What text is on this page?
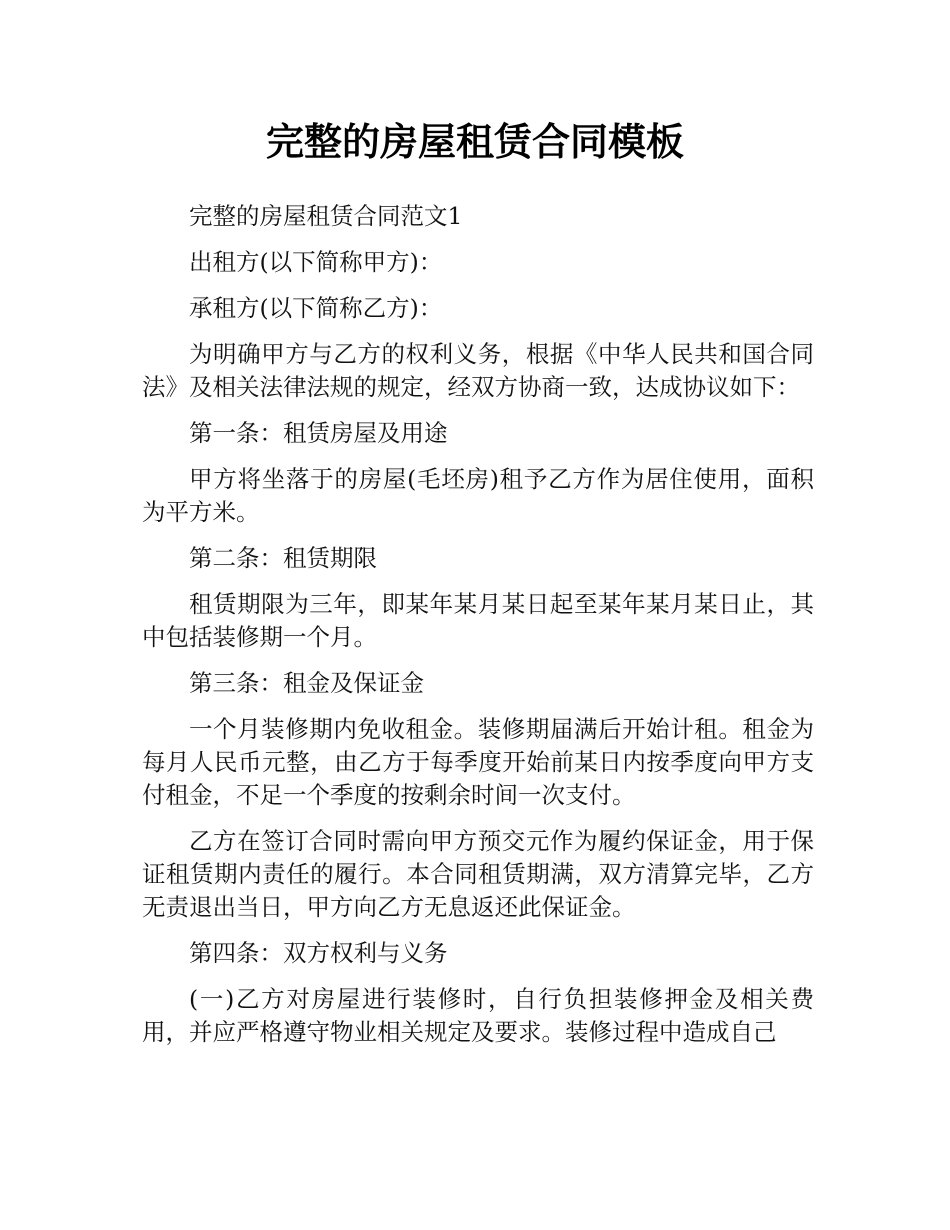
完整的房屋租赁合同模板

完整的房屋租赁合同范文1

出租方(以下简称甲方)：

承租方(以下简称乙方)：

为明确甲方与乙方的权利义务，根据《中华人民共和国合同法》及相关法律法规的规定，经双方协商一致，达成协议如下：

第一条：租赁房屋及用途

甲方将坐落于的房屋(毛坯房)租予乙方作为居住使用，面积为平方米。

第二条：租赁期限

租赁期限为三年，即某年某月某日起至某年某月某日止，其中包括装修期一个月。

第三条：租金及保证金

一个月装修期内免收租金。装修期届满后开始计租。租金为每月人民币元整，由乙方于每季度开始前某日内按季度向甲方支付租金，不足一个季度的按剩余时间一次支付。

乙方在签订合同时需向甲方预交元作为履约保证金，用于保证租赁期内责任的履行。本合同租赁期满，双方清算完毕，乙方无责退出当日，甲方向乙方无息返还此保证金。

第四条：双方权利与义务

(一)乙方对房屋进行装修时，自行负担装修押金及相关费用，并应严格遵守物业相关规定及要求。装修过程中造成自己
